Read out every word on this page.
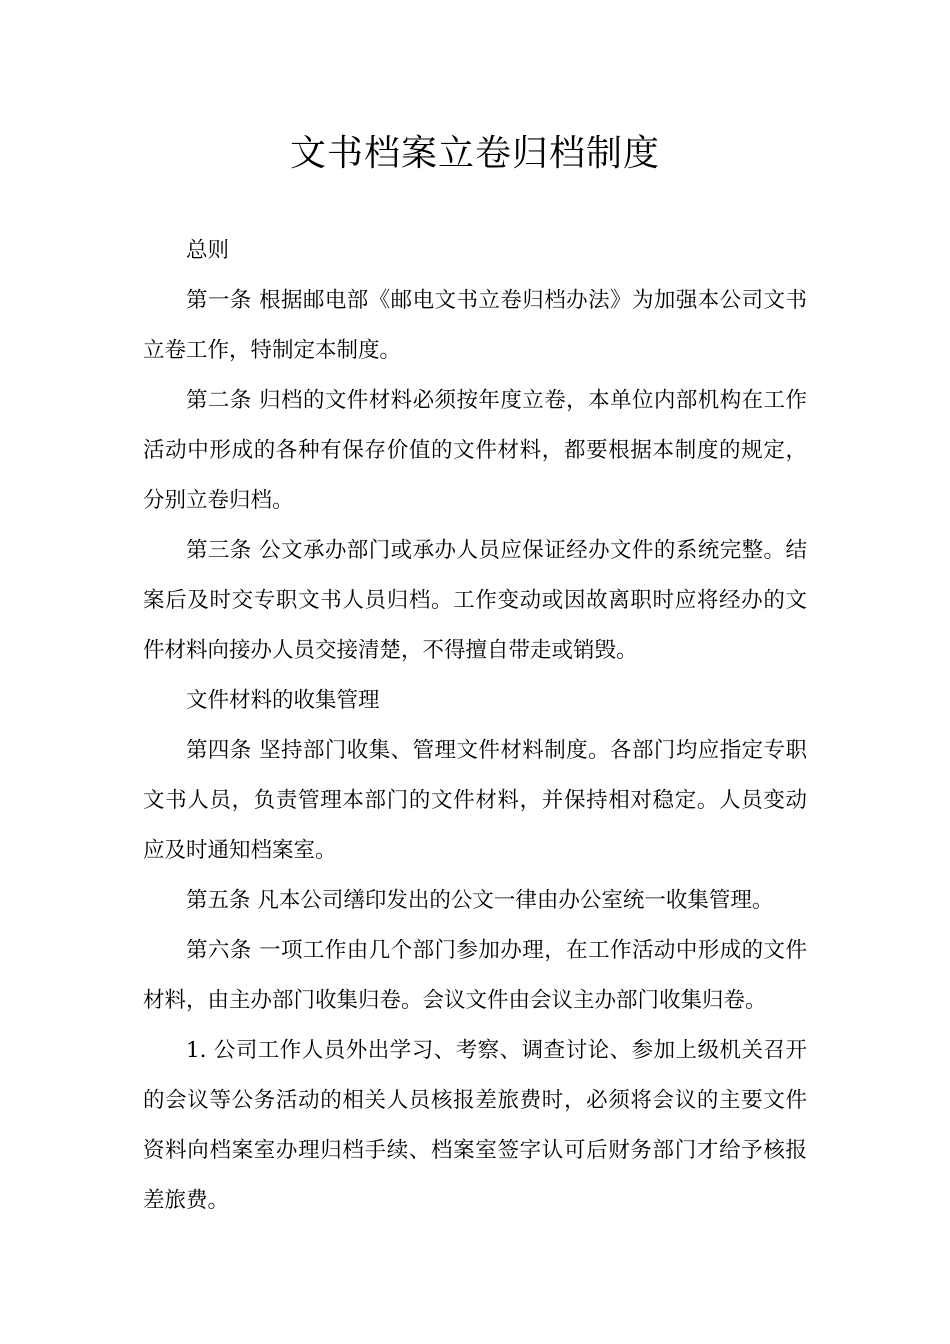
文书档案立卷归档制度

总则

第一条 根据邮电部《邮电文书立卷归档办法》为加强本公司文书立卷工作，特制定本制度。

第二条 归档的文件材料必须按年度立卷，本单位内部机构在工作活动中形成的各种有保存价值的文件材料，都要根据本制度的规定，分别立卷归档。

第三条 公文承办部门或承办人员应保证经办文件的系统完整。结案后及时交专职文书人员归档。工作变动或因故离职时应将经办的文件材料向接办人员交接清楚，不得擅自带走或销毁。

文件材料的收集管理

第四条 坚持部门收集、管理文件材料制度。各部门均应指定专职文书人员，负责管理本部门的文件材料，并保持相对稳定。人员变动应及时通知档案室。

第五条 凡本公司缮印发出的公文一律由办公室统一收集管理。

第六条 一项工作由几个部门参加办理，在工作活动中形成的文件材料，由主办部门收集归卷。会议文件由会议主办部门收集归卷。

1. 公司工作人员外出学习、考察、调查讨论、参加上级机关召开的会议等公务活动的相关人员核报差旅费时，必须将会议的主要文件资料向档案室办理归档手续、档案室签字认可后财务部门才给予核报差旅费。
